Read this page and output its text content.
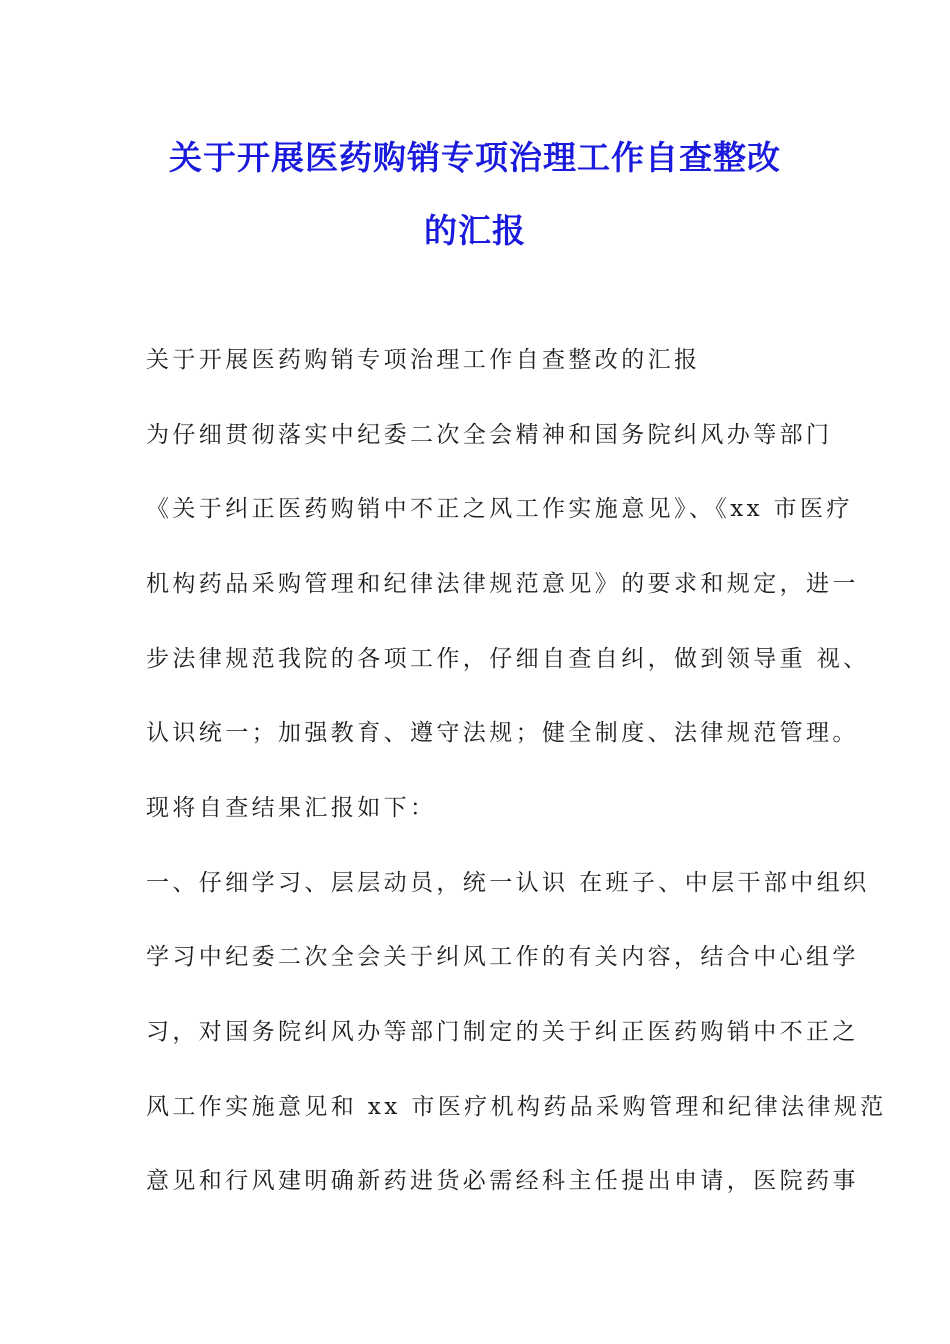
关于开展医药购销专项治理工作自查整改
的汇报
关于开展医药购销专项治理工作自查整改的汇报
为仔细贯彻落实中纪委二次全会精神和国务院纠风办等部门
《关于纠正医药购销中不正之风工作实施意见》、《xx 市医疗
机构药品采购管理和纪律法律规范意见》的要求和规定，进一
步法律规范我院的各项工作，仔细自查自纠，做到领导重 视、
认识统一；加强教育、遵守法规；健全制度、法律规范管理。
现将自查结果汇报如下：
一、仔细学习、层层动员，统一认识 在班子、中层干部中组织
学习中纪委二次全会关于纠风工作的有关内容，结合中心组学
习，对国务院纠风办等部门制定的关于纠正医药购销中不正之
风工作实施意见和 xx 市医疗机构药品采购管理和纪律法律规范
意见和行风建明确新药进货必需经科主任提出申请，医院药事
